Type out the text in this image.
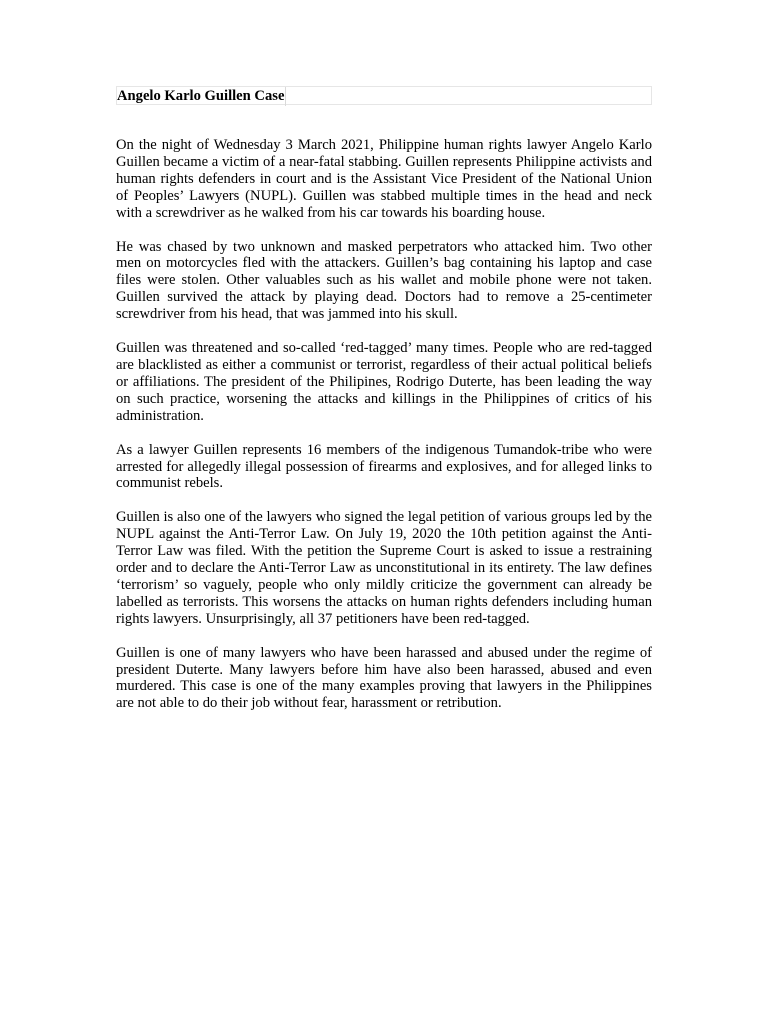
Angelo Karlo Guillen Case

On the night of Wednesday 3 March 2021, Philippine human rights lawyer Angelo Karlo Guillen became a victim of a near-fatal stabbing. Guillen represents Philippine activists and human rights defenders in court and is the Assistant Vice President of the National Union of Peoples’ Lawyers (NUPL). Guillen was stabbed multiple times in the head and neck with a screwdriver as he walked from his car towards his boarding house.

He was chased by two unknown and masked perpetrators who attacked him. Two other men on motorcycles fled with the attackers. Guillen’s bag containing his laptop and case files were stolen. Other valuables such as his wallet and mobile phone were not taken. Guillen survived the attack by playing dead. Doctors had to remove a 25-centimeter screwdriver from his head, that was jammed into his skull.

Guillen was threatened and so-called ‘red-tagged’ many times. People who are red-tagged are blacklisted as either a communist or terrorist, regardless of their actual political beliefs or affiliations. The president of the Philipines, Rodrigo Duterte, has been leading the way on such practice, worsening the attacks and killings in the Philippines of critics of his administration.

As a lawyer Guillen represents 16 members of the indigenous Tumandok-tribe who were arrested for allegedly illegal possession of firearms and explosives, and for alleged links to communist rebels.

Guillen is also one of the lawyers who signed the legal petition of various groups led by the NUPL against the Anti-Terror Law. On July 19, 2020 the 10th petition against the Anti-Terror Law was filed. With the petition the Supreme Court is asked to issue a restraining order and to declare the Anti-Terror Law as unconstitutional in its entirety. The law defines ‘terrorism’ so vaguely, people who only mildly criticize the government can already be labelled as terrorists. This worsens the attacks on human rights defenders including human rights lawyers. Unsurprisingly, all 37 petitioners have been red-tagged.

Guillen is one of many lawyers who have been harassed and abused under the regime of president Duterte. Many lawyers before him have also been harassed, abused and even murdered. This case is one of the many examples proving that lawyers in the Philippines are not able to do their job without fear, harassment or retribution.
